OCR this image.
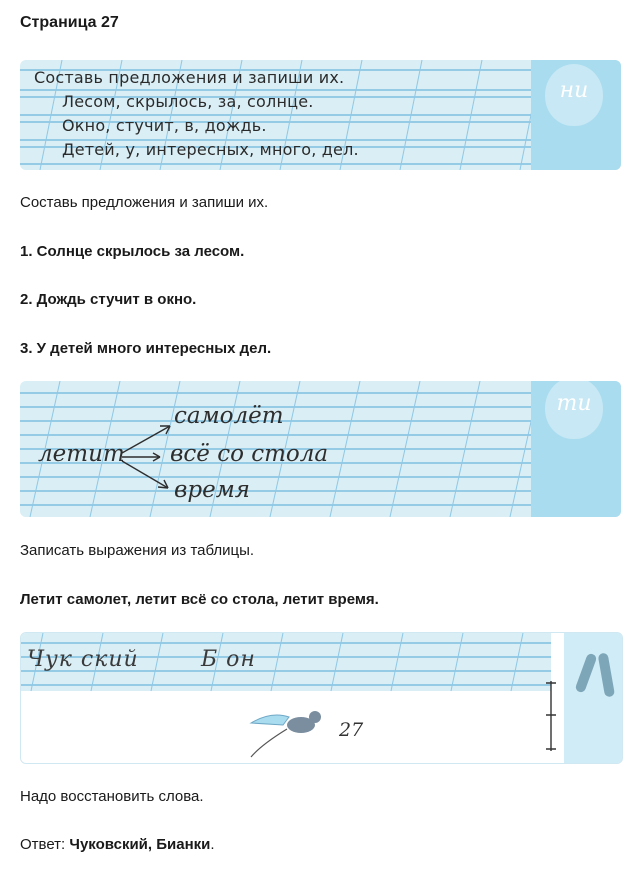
Страница 27
ни
Составь предложения и запиши их.
Лесом, скрылось, за, солнце.
Окно, стучит, в, дождь.
Детей, у, интересных, много, дел.
Составь предложения и запиши их.
1. Солнце скрылось за лесом.
2. Дождь стучит в окно.
3. У детей много интересных дел.
ти
летит
самолёт
всё со стола
время
Записать выражения из таблицы.
Летит самолет, летит всё со стола, летит время.
Чук ский	Б он
27
Надо восстановить слова.
Ответ: Чуковский, Бианки.
